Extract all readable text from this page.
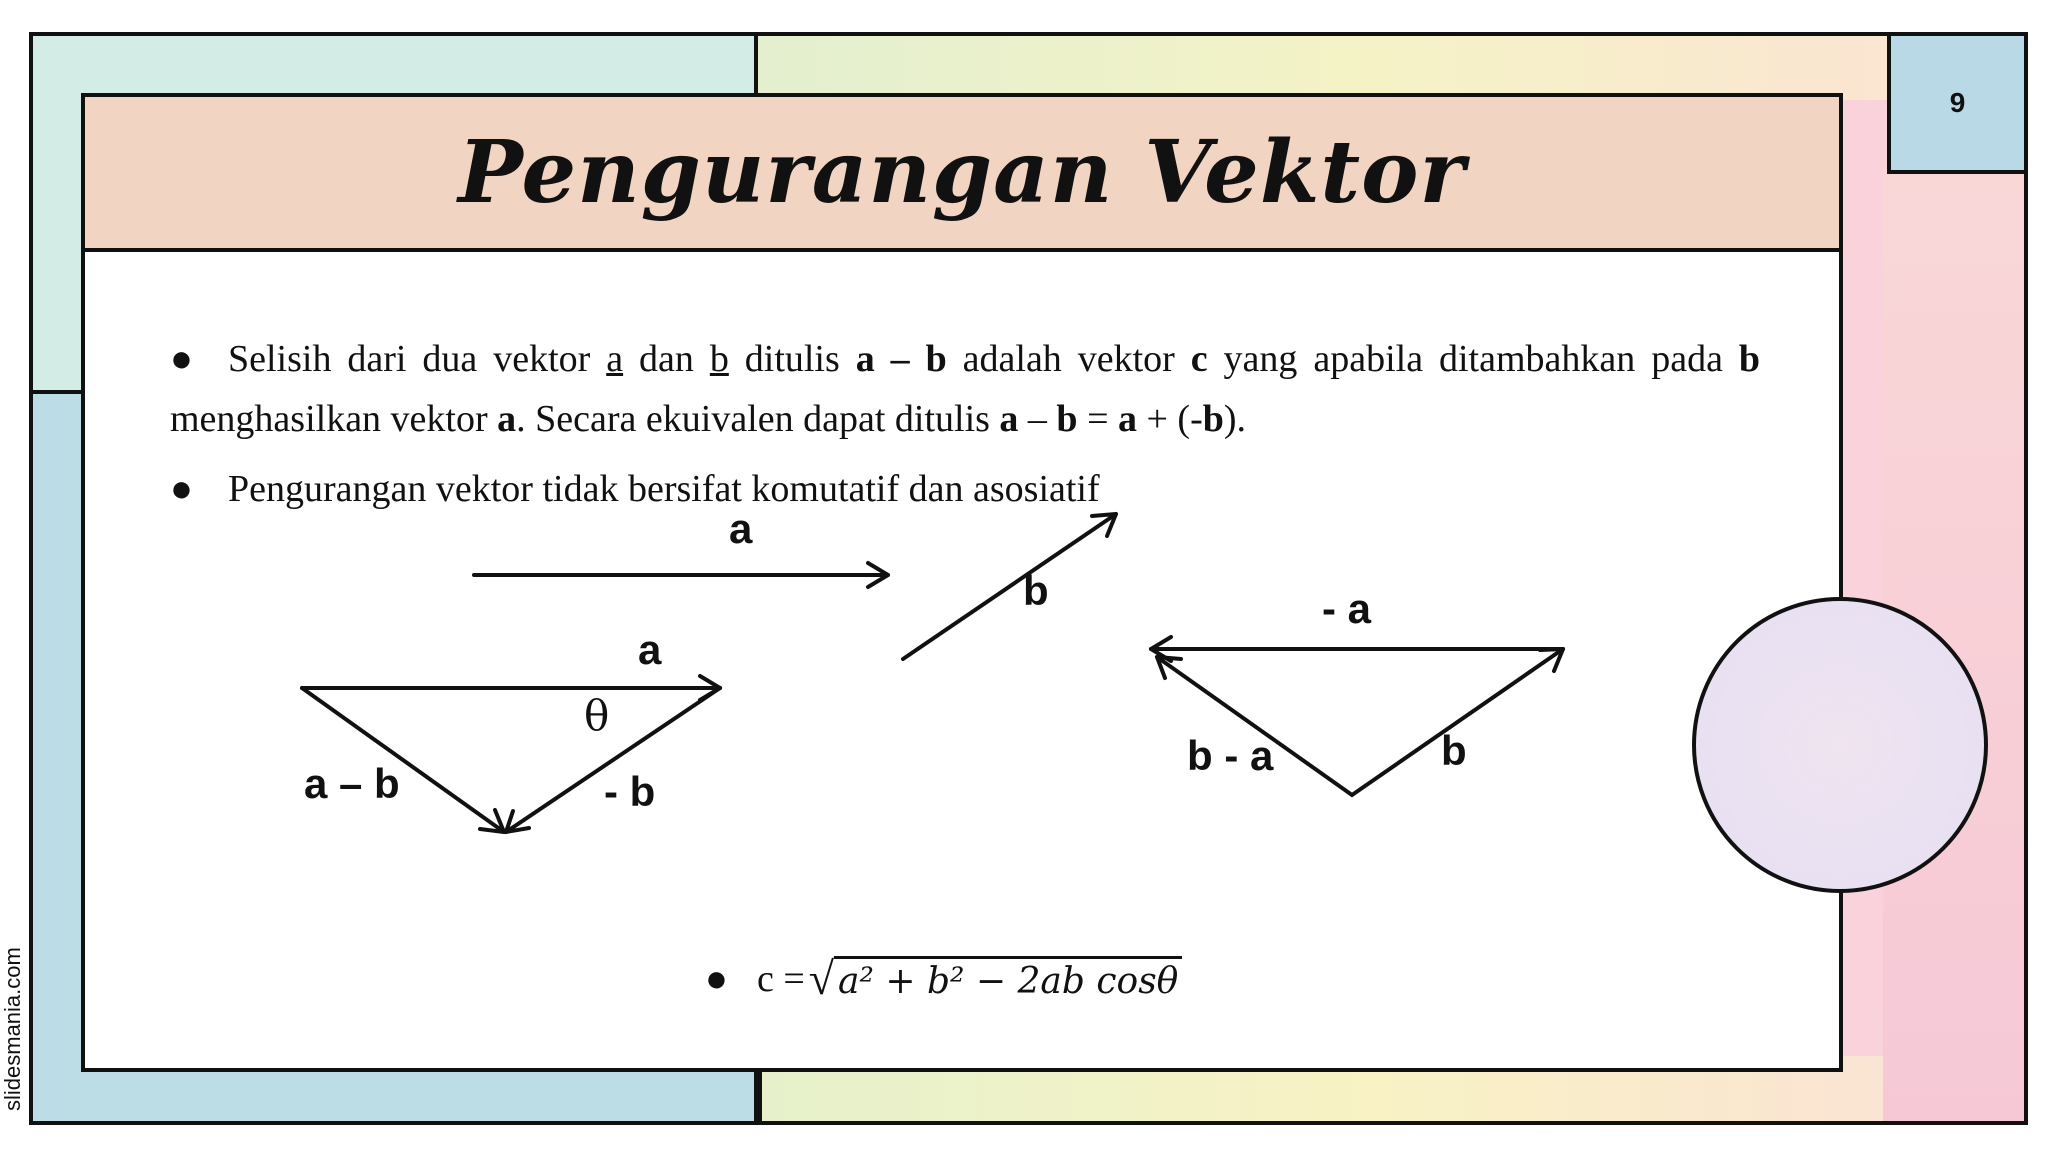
9
Pengurangan Vektor

● Selisih dari dua vektor a dan b ditulis a – b adalah vektor c yang apabila ditambahkan pada b menghasilkan vektor a. Secara ekuivalen dapat ditulis a – b = a + (-b).

● Pengurangan vektor tidak bersifat komutatif dan asosiatif

a
b
a
θ
a – b	- b
- a
b - a	b
● c = √ a² + b² − 2ab cosθ
slidesmania.com
